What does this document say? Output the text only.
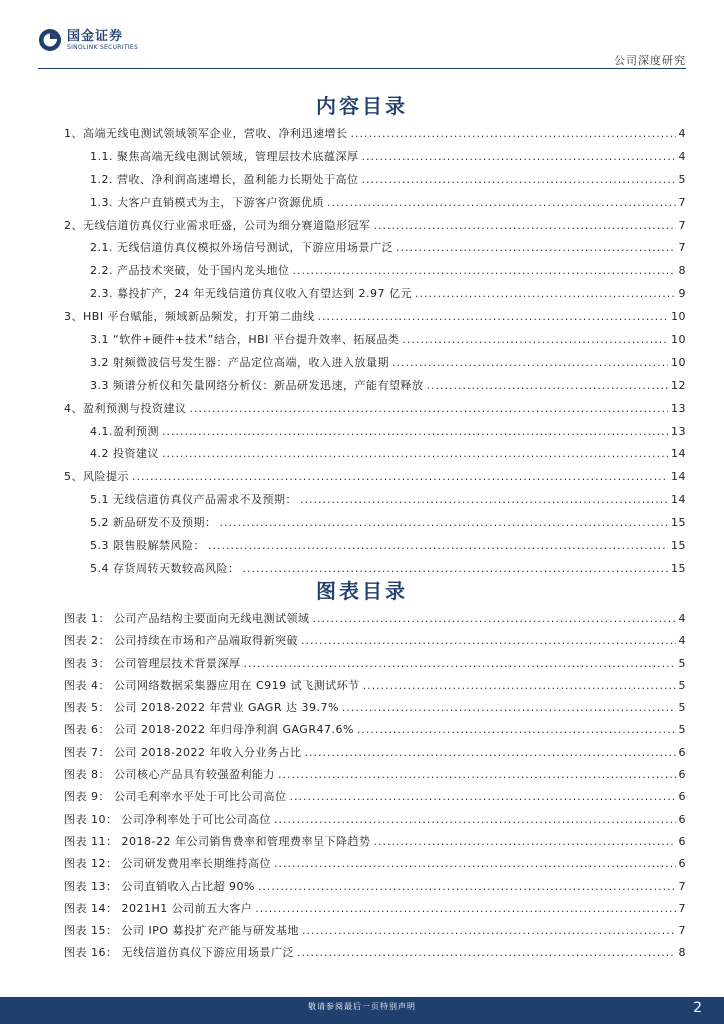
国金证券
SINOLINK SECURITIES
公司深度研究
内容目录
1、高端无线电测试领域领军企业，营收、净利迅速增长 .....	4
1.1. 聚焦高端无线电测试领域，管理层技术底蕴深厚 .....	4
1.2. 营收、净利润高速增长，盈利能力长期处于高位 .....	5
1.3. 大客户直销模式为主，下游客户资源优质 .....	7
2、无线信道仿真仪行业需求旺盛，公司为细分赛道隐形冠军 .....	7
2.1. 无线信道仿真仪模拟外场信号测试，下游应用场景广泛 .....	7
2.2. 产品技术突破，处于国内龙头地位 .....	8
2.3. 募投扩产，24 年无线信道仿真仪收入有望达到 2.97 亿元 .....	9
3、HBI 平台赋能，频域新品频发，打开第二曲线 .....	10
3.1 “软件+硬件+技术”结合，HBI 平台提升效率、拓展品类 .....	10
3.2 射频微波信号发生器：产品定位高端，收入进入放量期 .....	10
3.3 频谱分析仪和矢量网络分析仪：新品研发迅速，产能有望释放 .....	12
4、盈利预测与投资建议 .....	13
4.1.盈利预测 .....	13
4.2 投资建议 .....	14
5、风险提示 .....	14
5.1 无线信道仿真仪产品需求不及预期： .....	14
5.2 新品研发不及预期： .....	15
5.3 限售股解禁风险： .....	15
5.4 存货周转天数较高风险： .....	15
图表目录
图表 1： 公司产品结构主要面向无线电测试领域 .....	4
图表 2： 公司持续在市场和产品端取得新突破 .....	4
图表 3： 公司管理层技术背景深厚 .....	5
图表 4： 公司网络数据采集器应用在 C919 试飞测试环节 .....	5
图表 5： 公司 2018-2022 年营业 GAGR 达 39.7% .....	5
图表 6： 公司 2018-2022 年归母净利润 GAGR47.6% .....	5
图表 7： 公司 2018-2022 年收入分业务占比 .....	6
图表 8： 公司核心产品具有较强盈利能力 .....	6
图表 9： 公司毛利率水平处于可比公司高位 .....	6
图表 10： 公司净利率处于可比公司高位 .....	6
图表 11： 2018-22 年公司销售费率和管理费率呈下降趋势 .....	6
图表 12： 公司研发费用率长期维持高位 .....	6
图表 13： 公司直销收入占比超 90% .....	7
图表 14： 2021H1 公司前五大客户 .....	7
图表 15： 公司 IPO 募投扩充产能与研发基地 .....	7
图表 16： 无线信道仿真仪下游应用场景广泛 .....	8
敬请参阅最后一页特别声明	2
